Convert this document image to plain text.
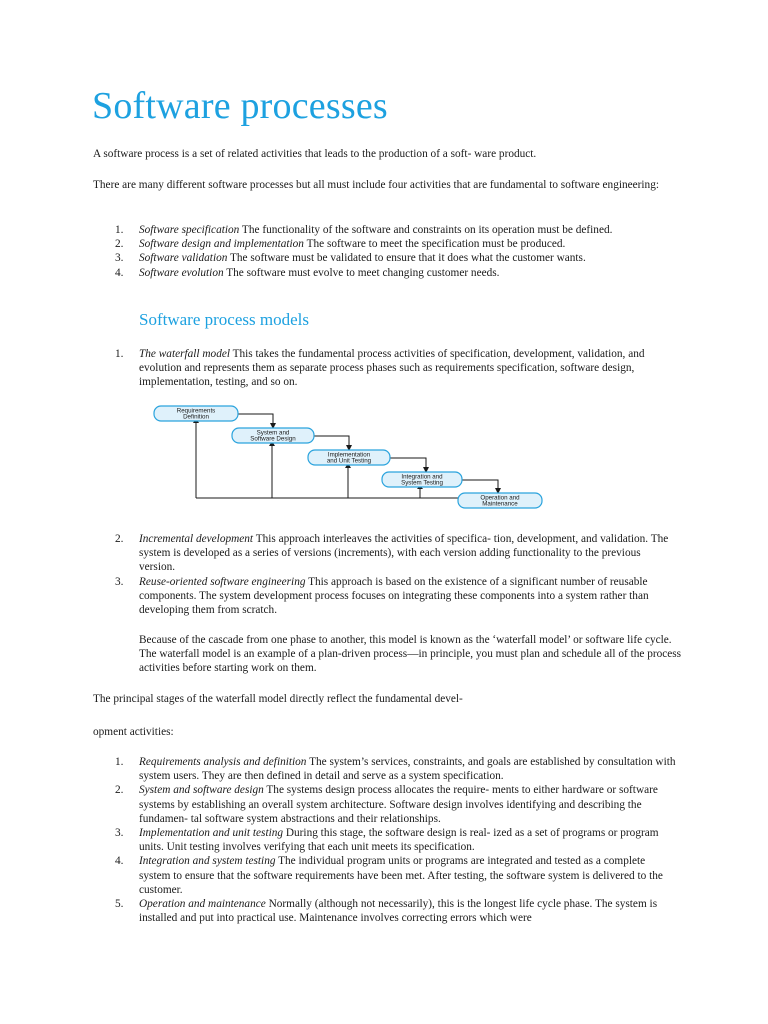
Software processes

A software process is a set of related activities that leads to the production of a soft- ware product.

There are many different software processes but all must include four activities that are fundamental to software engineering:

1. Software specification The functionality of the software and constraints on its operation must be defined.
2. Software design and implementation The software to meet the specification must be produced.
3. Software validation The software must be validated to ensure that it does what the customer wants.
4. Software evolution The software must evolve to meet changing customer needs.
Software process models
1. The waterfall model This takes the fundamental process activities of specification, development, validation, and evolution and represents them as separate process phases such as requirements specification, software design, implementation, testing, and so on.
Requirements
Definition
System and
Software Design
Implementation
and Unit Testing
Integration and
System Testing
Operation and
Maintenance
2. Incremental development This approach interleaves the activities of specifica- tion, development, and validation. The system is developed as a series of versions (increments), with each version adding functionality to the previous version.
3. Reuse-oriented software engineering This approach is based on the existence of a significant number of reusable components. The system development process focuses on integrating these components into a system rather than developing them from scratch.

Because of the cascade from one phase to another, this model is known as the ‘waterfall model’ or software life cycle. The waterfall model is an example of a plan-driven process—in principle, you must plan and schedule all of the process activities before starting work on them.

The principal stages of the waterfall model directly reflect the fundamental devel-

opment activities:

1. Requirements analysis and definition The system’s services, constraints, and goals are established by consultation with system users. They are then defined in detail and serve as a system specification.
2. System and software design The systems design process allocates the require- ments to either hardware or software systems by establishing an overall system architecture. Software design involves identifying and describing the fundamen- tal software system abstractions and their relationships.
3. Implementation and unit testing During this stage, the software design is real- ized as a set of programs or program units. Unit testing involves verifying that each unit meets its specification.
4. Integration and system testing The individual program units or programs are integrated and tested as a complete system to ensure that the software requirements have been met. After testing, the software system is delivered to the customer.
5. Operation and maintenance Normally (although not necessarily), this is the longest life cycle phase. The system is installed and put into practical use. Maintenance involves correcting errors which were
